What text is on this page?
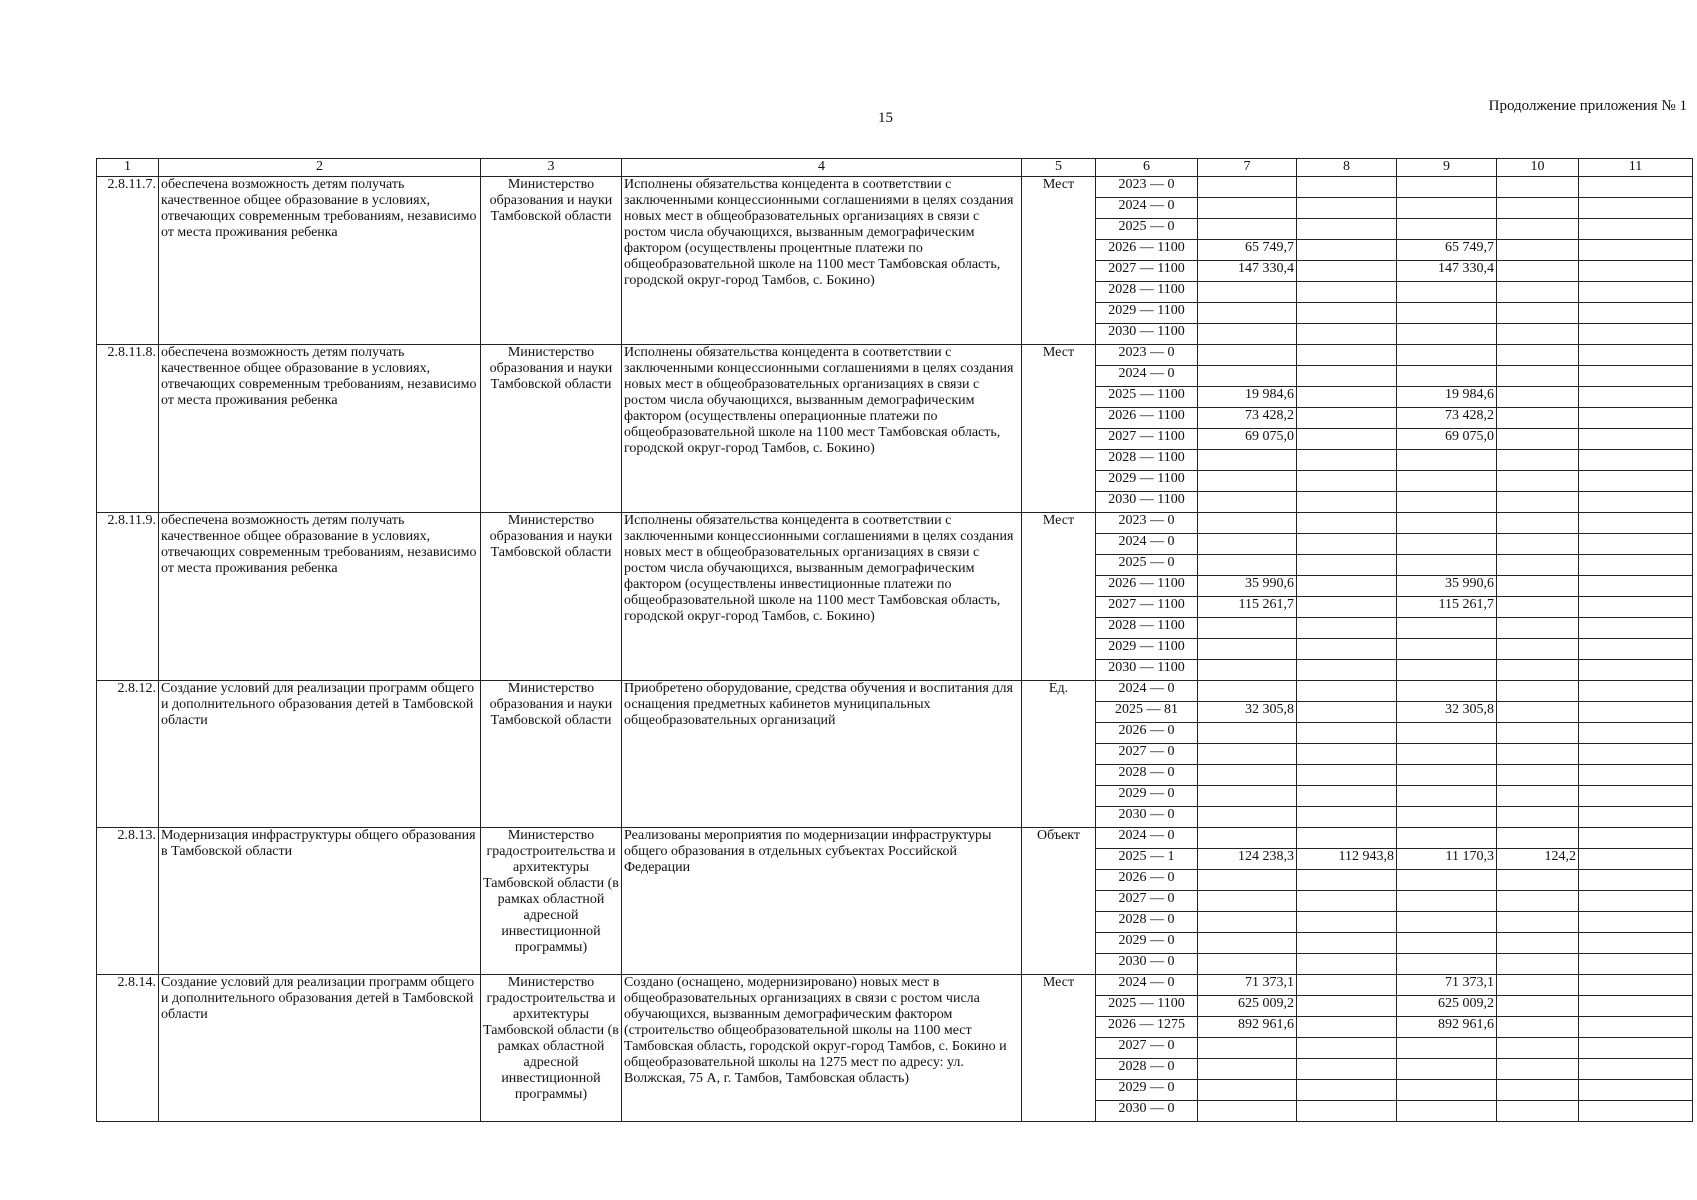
15
Продолжение приложения № 1
1	2	3	4	5	6	7	8	9	10	11
2.8.11.7.	обеспечена возможность детям получать качественное общее образование в условиях, отвечающих современным требованиям, независимо от места проживания ребенка	Министерство образования и науки Тамбовской области	Исполнены обязательства концедента в соответствии с заключенными концессионными соглашениями в целях создания новых мест в общеобразовательных организациях в связи с ростом числа обучающихся, вызванным демографическим фактором (осуществлены процентные платежи по общеобразовательной школе на 1100 мест Тамбовская область, городской округ-город Тамбов, с. Бокино)	Мест	2023 — 0					
					2024 — 0					
					2025 — 0					
					2026 — 1100	65 749,7		65 749,7		
					2027 — 1100	147 330,4		147 330,4		
					2028 — 1100					
					2029 — 1100					
					2030 — 1100					
2.8.11.8.	обеспечена возможность детям получать качественное общее образование в условиях, отвечающих современным требованиям, независимо от места проживания ребенка	Министерство образования и науки Тамбовской области	Исполнены обязательства концедента в соответствии с заключенными концессионными соглашениями в целях создания новых мест в общеобразовательных организациях в связи с ростом числа обучающихся, вызванным демографическим фактором (осуществлены операционные платежи по общеобразовательной школе на 1100 мест Тамбовская область, городской округ-город Тамбов, с. Бокино)	Мест	2023 — 0					
					2024 — 0					
					2025 — 1100	19 984,6		19 984,6		
					2026 — 1100	73 428,2		73 428,2		
					2027 — 1100	69 075,0		69 075,0		
					2028 — 1100					
					2029 — 1100					
					2030 — 1100					
2.8.11.9.	обеспечена возможность детям получать качественное общее образование в условиях, отвечающих современным требованиям, независимо от места проживания ребенка	Министерство образования и науки Тамбовской области	Исполнены обязательства концедента в соответствии с заключенными концессионными соглашениями в целях создания новых мест в общеобразовательных организациях в связи с ростом числа обучающихся, вызванным демографическим фактором (осуществлены инвестиционные платежи по общеобразовательной школе на 1100 мест Тамбовская область, городской округ-город Тамбов, с. Бокино)	Мест	2023 — 0					
					2024 — 0					
					2025 — 0					
					2026 — 1100	35 990,6		35 990,6		
					2027 — 1100	115 261,7		115 261,7		
					2028 — 1100					
					2029 — 1100					
					2030 — 1100					
2.8.12.	Создание условий для реализации программ общего и дополнительного образования детей в Тамбовской области	Министерство образования и науки Тамбовской области	Приобретено оборудование, средства обучения и воспитания для оснащения предметных кабинетов муниципальных общеобразовательных организаций	Ед.	2024 — 0					
					2025 — 81	32 305,8		32 305,8		
					2026 — 0					
					2027 — 0					
					2028 — 0					
					2029 — 0					
					2030 — 0					
2.8.13.	Модернизация инфраструктуры общего образования в Тамбовской области	Министерство градостроительства и архитектуры Тамбовской области (в рамках областной адресной инвестиционной программы)	Реализованы мероприятия по модернизации инфраструктуры общего образования в отдельных субъектах Российской Федерации	Объект	2024 — 0					
					2025 — 1	124 238,3	112 943,8	11 170,3	124,2	
					2026 — 0					
					2027 — 0					
					2028 — 0					
					2029 — 0					
					2030 — 0					
2.8.14.	Создание условий для реализации программ общего и дополнительного образования детей в Тамбовской области	Министерство градостроительства и архитектуры Тамбовской области (в рамках областной адресной инвестиционной программы)	Создано (оснащено, модернизировано) новых мест в общеобразовательных организациях в связи с ростом числа обучающихся, вызванным демографическим фактором (строительство общеобразовательной школы на 1100 мест Тамбовская область, городской округ-город Тамбов, с. Бокино и общеобразовательной школы на 1275 мест по адресу: ул. Волжская, 75 А, г. Тамбов, Тамбовская область)	Мест	2024 — 0	71 373,1		71 373,1		
					2025 — 1100	625 009,2		625 009,2		
					2026 — 1275	892 961,6		892 961,6		
					2027 — 0					
					2028 — 0					
					2029 — 0					
					2030 — 0					
